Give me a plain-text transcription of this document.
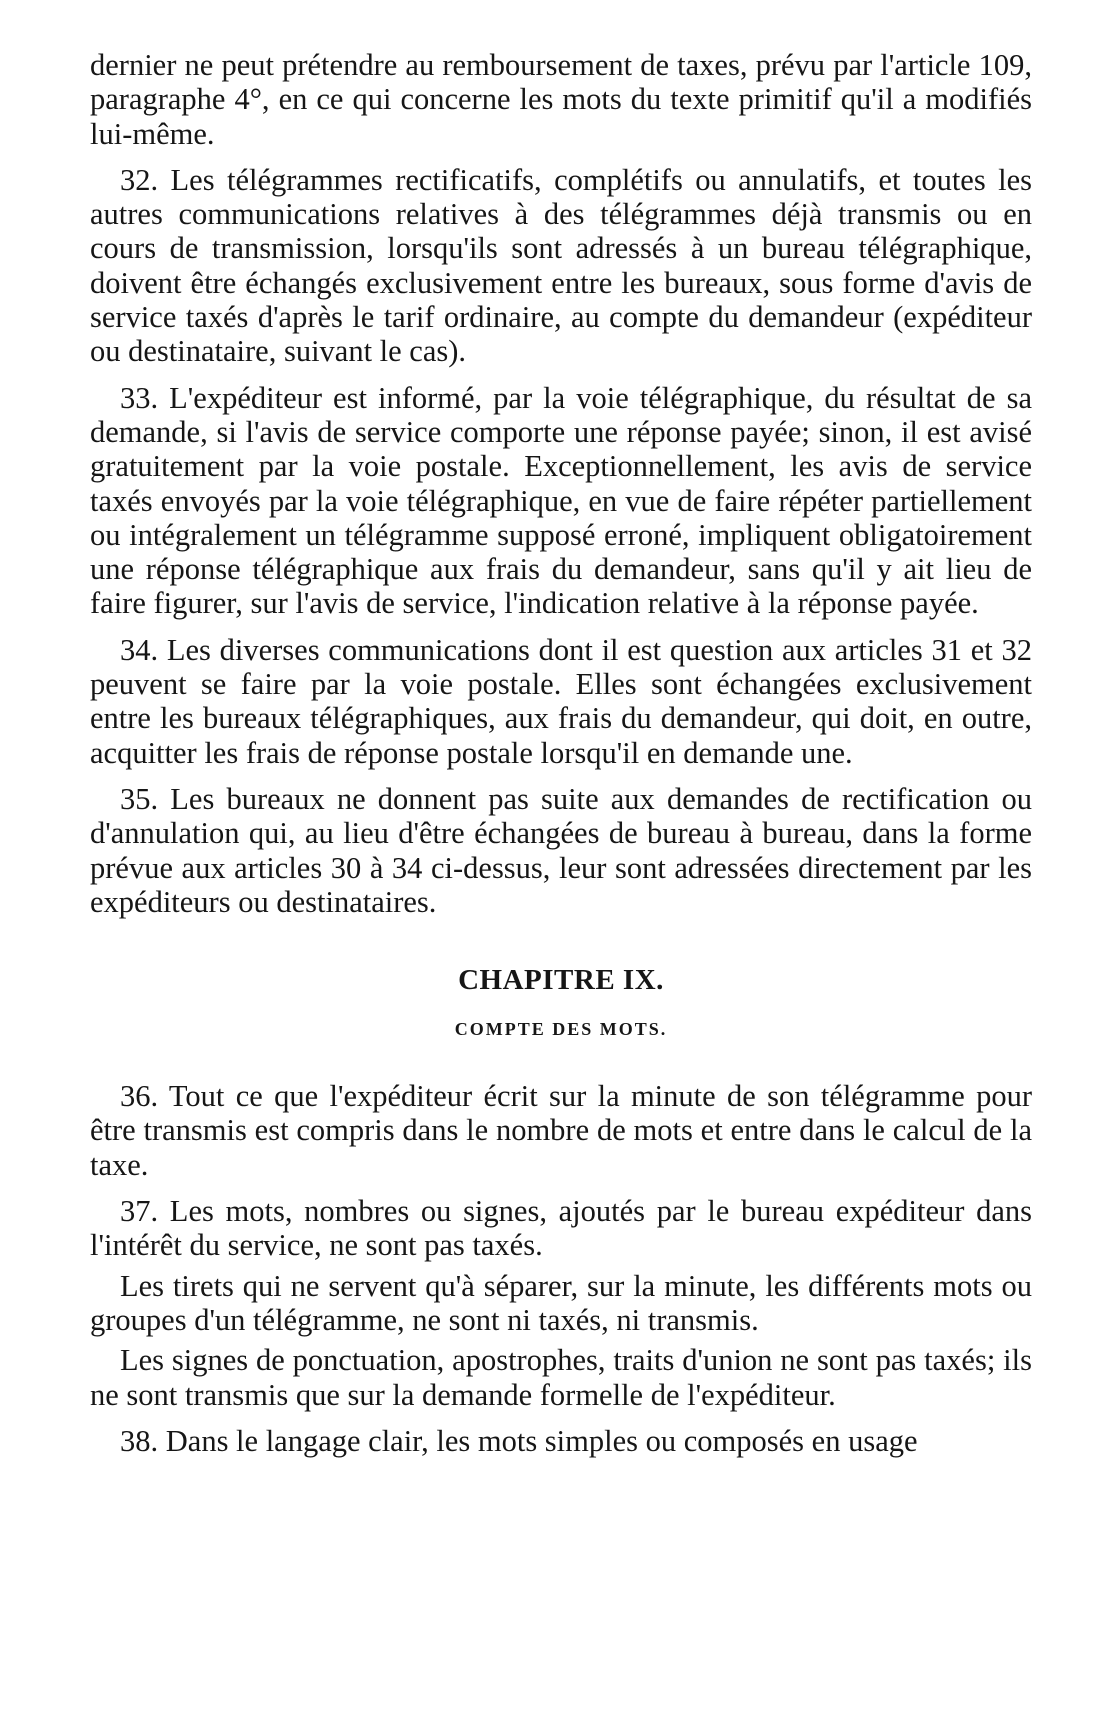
dernier ne peut prétendre au remboursement de taxes, prévu par l'article 109, paragraphe 4°, en ce qui concerne les mots du texte primitif qu'il a modifiés lui-même.

32. Les télégrammes rectificatifs, complétifs ou annulatifs, et toutes les autres communications relatives à des télégrammes déjà transmis ou en cours de transmission, lorsqu'ils sont adressés à un bureau télégraphique, doivent être échangés exclusivement entre les bureaux, sous forme d'avis de service taxés d'après le tarif ordinaire, au compte du demandeur (expéditeur ou destinataire, suivant le cas).

33. L'expéditeur est informé, par la voie télégraphique, du résultat de sa demande, si l'avis de service comporte une réponse payée; sinon, il est avisé gratuitement par la voie postale. Exceptionnellement, les avis de service taxés envoyés par la voie télégraphique, en vue de faire répéter partiellement ou intégralement un télégramme supposé erroné, impliquent obligatoirement une réponse télégraphique aux frais du demandeur, sans qu'il y ait lieu de faire figurer, sur l'avis de service, l'indication relative à la réponse payée.

34. Les diverses communications dont il est question aux articles 31 et 32 peuvent se faire par la voie postale. Elles sont échangées exclusivement entre les bureaux télégraphiques, aux frais du demandeur, qui doit, en outre, acquitter les frais de réponse postale lorsqu'il en demande une.

35. Les bureaux ne donnent pas suite aux demandes de rectification ou d'annulation qui, au lieu d'être échangées de bureau à bureau, dans la forme prévue aux articles 30 à 34 ci-dessus, leur sont adressées directement par les expéditeurs ou destinataires.

CHAPITRE IX.
COMPTE DES MOTS.

36. Tout ce que l'expéditeur écrit sur la minute de son télégramme pour être transmis est compris dans le nombre de mots et entre dans le calcul de la taxe.

37. Les mots, nombres ou signes, ajoutés par le bureau expéditeur dans l'intérêt du service, ne sont pas taxés.

Les tirets qui ne servent qu'à séparer, sur la minute, les différents mots ou groupes d'un télégramme, ne sont ni taxés, ni transmis.

Les signes de ponctuation, apostrophes, traits d'union ne sont pas taxés; ils ne sont transmis que sur la demande formelle de l'expéditeur.

38. Dans le langage clair, les mots simples ou composés en usage
